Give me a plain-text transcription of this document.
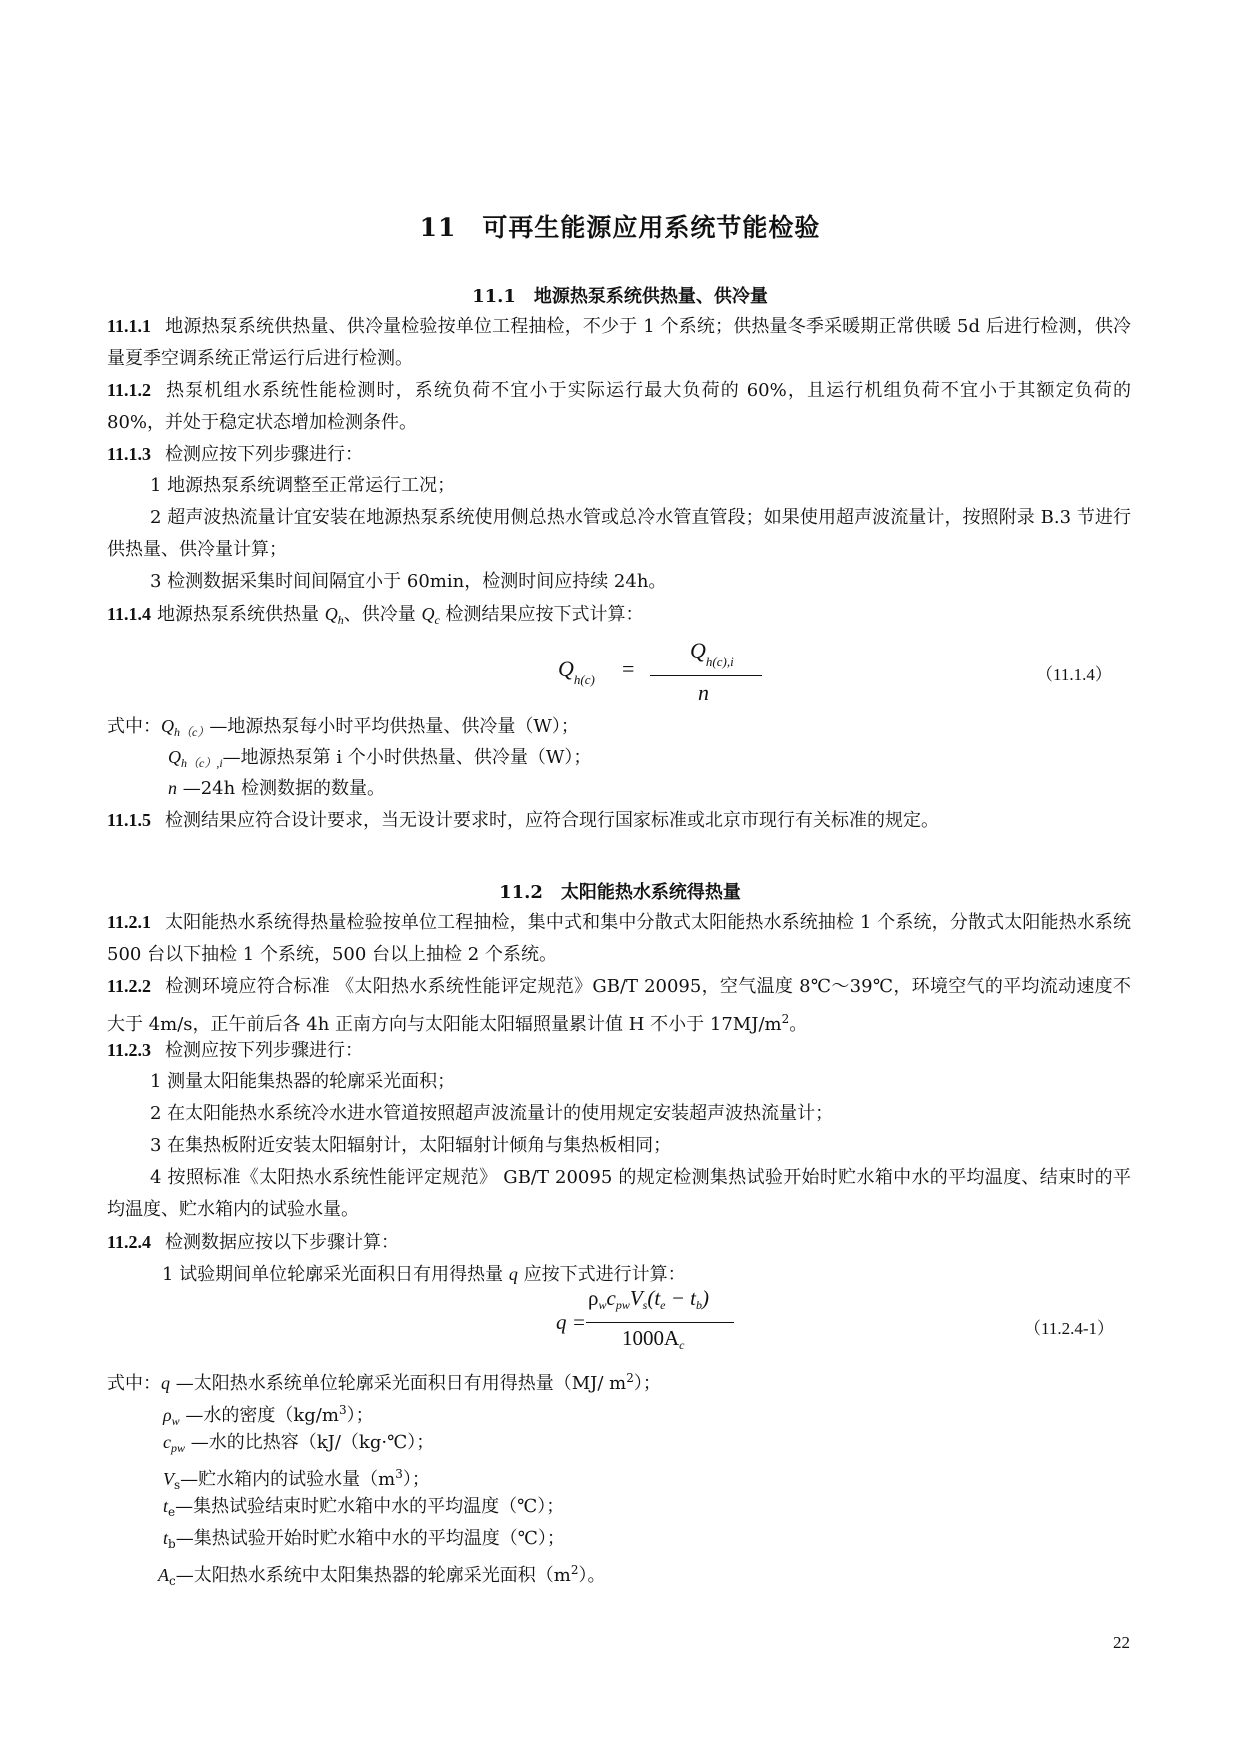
11　可再生能源应用系统节能检验
11.1　地源热泵系统供热量、供冷量
11.1.1 地源热泵系统供热量、供冷量检验按单位工程抽检，不少于 1 个系统；供热量冬季采暖期正常供暖 5d 后进行检测，供冷量夏季空调系统正常运行后进行检测。
11.1.2 热泵机组水系统性能检测时，系统负荷不宜小于实际运行最大负荷的 60%，且运行机组负荷不宜小于其额定负荷的 80%，并处于稳定状态增加检测条件。
11.1.3 检测应按下列步骤进行：
1 地源热泵系统调整至正常运行工况；
2 超声波热流量计宜安装在地源热泵系统使用侧总热水管或总冷水管直管段；如果使用超声波流量计，按照附录 B.3 节进行供热量、供冷量计算；
3 检测数据采集时间间隔宜小于 60min，检测时间应持续 24h。
11.1.4 地源热泵系统供热量 $Q_h$、供冷量 $Q_c$ 检测结果应按下式计算：
$Q_{h(c)}$ =
$Q_{h(c),i}$
n
（11.1.4）
式中：$Q_{h(c)}—$地源热泵每小时平均供热量、供冷量（W）；
$Q_{h(c),i}—$地源热泵第 i 个小时供热量、供冷量（W）；
n —24h 检测数据的数量。
11.1.5 检测结果应符合设计要求，当无设计要求时，应符合现行国家标准或北京市现行有关标准的规定。
11.2　太阳能热水系统得热量
11.2.1 太阳能热水系统得热量检验按单位工程抽检，集中式和集中分散式太阳能热水系统抽检 1 个系统，分散式太阳能热水系统 500 台以下抽检 1 个系统，500 台以上抽检 2 个系统。
11.2.2 检测环境应符合标准 《太阳热水系统性能评定规范》GB/T 20095，空气温度 8℃～39℃，环境空气的平均流动速度不大于 4m/s，正午前后各 4h 正南方向与太阳能太阳辐照量累计值 H 不小于 $17MJ/m^2$。
11.2.3 检测应按下列步骤进行：
1 测量太阳能集热器的轮廓采光面积；
2 在太阳能热水系统冷水进水管道按照超声波流量计的使用规定安装超声波热流量计；
3 在集热板附近安装太阳辐射计，太阳辐射计倾角与集热板相同；
4 按照标准《太阳热水系统性能评定规范》 GB/T 20095 的规定检测集热试验开始时贮水箱中水的平均温度、结束时的平均温度、贮水箱内的试验水量。
11.2.4 检测数据应按以下步骤计算：
1 试验期间单位轮廓采光面积日有用得热量 q 应按下式进行计算：
q =
$\rho_wc_{pw}V_s(t_e - t_b)$
$1000A_c$
（11.2.4-1）
式中：q —太阳热水系统单位轮廓采光面积日有用得热量（MJ/ $m^2$）；
$\rho_w$ —水的密度$(kg/m^3)$；
$c_{pw}$ —水的比热容（kJ/（kg·℃）；
$V_s—$贮水箱内的试验水量$(m^3)$；
$t_e—$集热试验结束时贮水箱中水的平均温度（℃）；
$t_b—$集热试验开始时贮水箱中水的平均温度（℃）；
$A_c—$太阳热水系统中太阳集热器的轮廓采光面积$(m^2)$。
22
